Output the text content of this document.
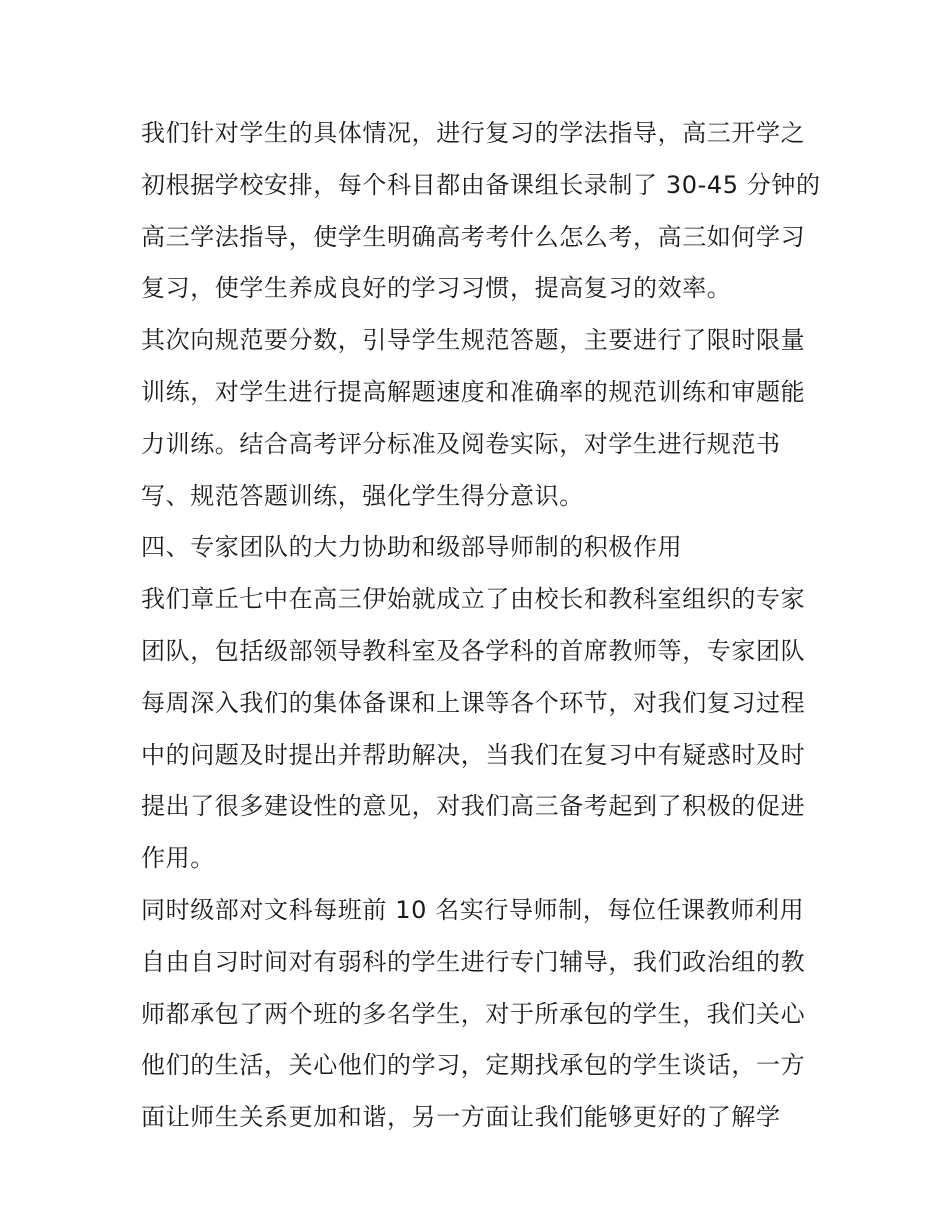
我们针对学生的具体情况，进行复习的学法指导，高三开学之
初根据学校安排，每个科目都由备课组长录制了 30-45 分钟的
高三学法指导，使学生明确高考考什么怎么考，高三如何学习
复习，使学生养成良好的学习习惯，提高复习的效率。

其次向规范要分数，引导学生规范答题，主要进行了限时限量
训练，对学生进行提高解题速度和准确率的规范训练和审题能
力训练。结合高考评分标准及阅卷实际，对学生进行规范书
写、规范答题训练，强化学生得分意识。

四、专家团队的大力协助和级部导师制的积极作用

我们章丘七中在高三伊始就成立了由校长和教科室组织的专家
团队，包括级部领导教科室及各学科的首席教师等，专家团队
每周深入我们的集体备课和上课等各个环节，对我们复习过程
中的问题及时提出并帮助解决，当我们在复习中有疑惑时及时
提出了很多建设性的意见，对我们高三备考起到了积极的促进
作用。

同时级部对文科每班前 10 名实行导师制，每位任课教师利用
自由自习时间对有弱科的学生进行专门辅导，我们政治组的教
师都承包了两个班的多名学生，对于所承包的学生，我们关心
他们的生活，关心他们的学习，定期找承包的学生谈话，一方
面让师生关系更加和谐，另一方面让我们能够更好的了解学
